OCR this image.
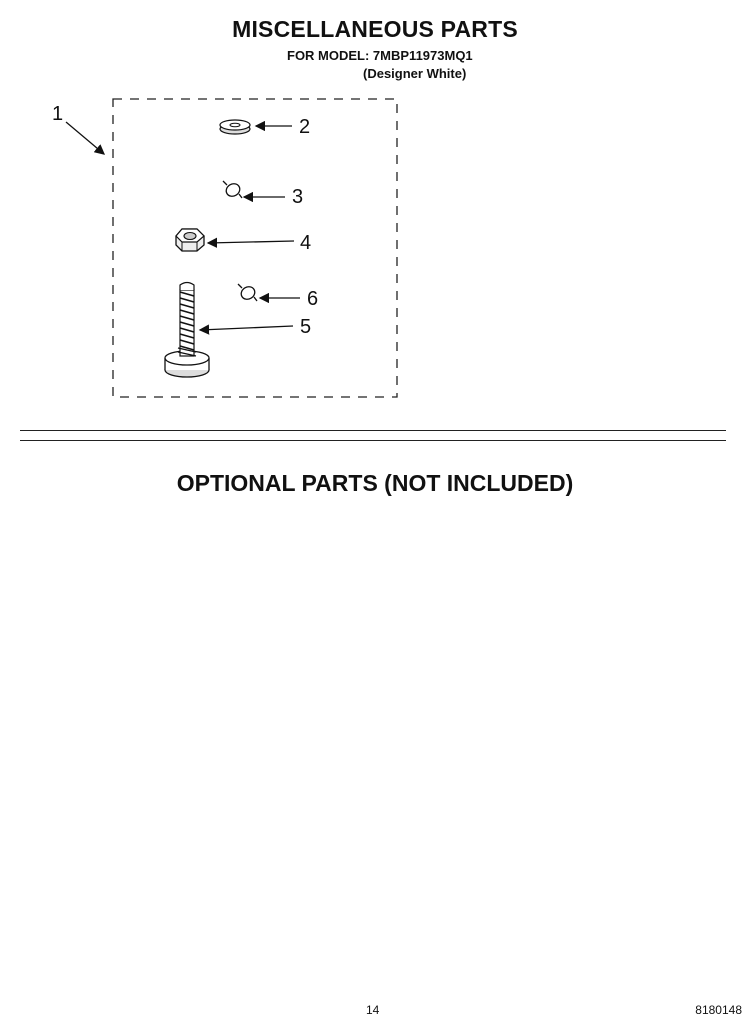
MISCELLANEOUS PARTS
FOR MODEL: 7MBP11973MQ1
(Designer White)
1
2
3
4
6
5
OPTIONAL PARTS (NOT INCLUDED)
14	8180148
